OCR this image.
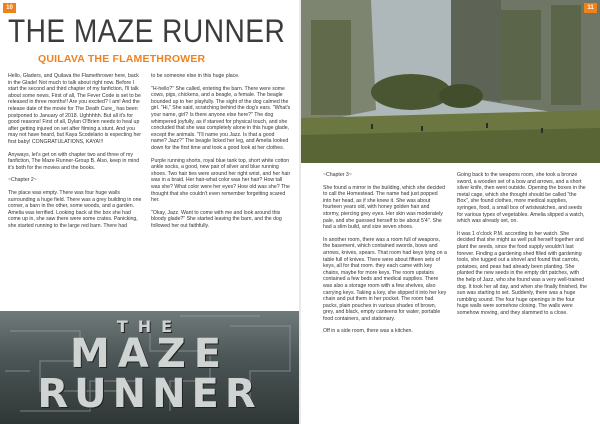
10
THE MAZE RUNNER
QUILAVA THE FLAMETHROWER

Hello, Gladers, and Quilava the Flamethrower here, back in the Glade! Not much to talk about right now. Before I start the second and third chapter of my fanfiction, I'll talk about some news. First of all, The Fever Code is set to be released in three months!! Are you excited? I am! And the release date of the movie for The Death Cure_ has been postponed to January of 2018. Ughhhhh. But all it's for good reasons! First of all, Dylan O'Brien needs to heal up after getting injured on set after filming a stunt. And you may not have heard, but Kaya Scodelario is expecting her first baby! CONGRATULATIONS, KAYA!!!

Anyways, let's get on with chapter two and three of my fanfiction, The Maze Runner-Group B. Also, keep in mind it's both for the movies and the books.

~Chapter 2~

The place was empty. There was four huge walls surrounding a huge field. There was a grey building in one corner, a barn in the other, some woods, and a garden. Amelia was terrified. Looking back at the box she had come up in, she saw there were some crates. Panicking, she started running to the large red barn. There had

to be someone else in this huge place.

"H-hello?" She called, entering the barn. There were some cows, pigs, chickens, and a beagle, a female. The beagle bounded up to her playfully. The sight of the dog calmed the girl. "Hi," She said, scratching behind the dog's ears. "What's your name, girl? Is there anyone else here?" The dog whimpered joyfully, as if starved for physical touch, and she concluded that she was completely alone in this huge glade, except the animals. "I'll name you Jazz. Is that a good name? Jazz?" The beagle licked her leg, and Amelia looked down for the first time and took a good look at her clothes.

Purple running shorts, royal blue tank top, short white cotton ankle socks, a good, new pair of silver and blue running shoes. Two hair ties were around her right wrist, and her hair was in a braid. Her hair-what color was her hair? How tall was she? What color were her eyes? How old was she? The thought that she couldn't even remember forgetting scared her.

"Okay, Jazz. Want to come with me and look around this bloody glade?" She started leaving the barn, and the dog followed her out faithfully.

THE
MAZE
RUNNER
11

~Chapter 3~

She found a mirror in the building, which she decided to call the Homestead. The name had just popped into her head, as if she knew it. She was about fourteen years old, with honey golden hair and stormy, piercing grey eyes. Her skin was moderately pale, and she guessed herself to be about 5'4". She had a slim build, and size seven shoes.

In another room, there was a room full of weapons, the basement, which contained swords, bows and arrows, knives, spears. That room had keys lying on a table full of knives. There were about fifteen sets of keys, all for that room. they each came with key chains, maybe for more keys. The room upstairs contained a few beds and medical supplies. There was also a storage room with a few shelves, also carrying keys. Taking a key, she slipped it into her key chain and put them in her pocket. The room had packs, plain pouches in various shades of brown, grey, and black, empty canteens for water, portable food containers, and stationary.

Off in a side room, there was a kitchen.

Going back to the weapons room, she took a bronze sword, a wooden set of a bow and arrows, and a short silver knife, then went outside. Opening the boxes in the metal cage, which she thought should be called "the Box", she found clothes, more medical supplies, syringes, food, a small box of wristwatches, and seeds for various types of vegetables. Amelia slipped a watch, which was already set, on.

It was 1 o'clock P.M. according to her watch. She decided that she might as well pull herself together and plant the seeds, since the food supply wouldn't last forever. Finding a gardening shed filled with gardening tools, she tugged out a shovel and found that carrots, potatoes, and peas had already been planting. She planted the new seeds in the empty dirt patches, with the help of Jazz, who she found was a very well-trained dog. It took her all day, and when she finally finished, the sun was starting to set. Suddenly, there was a huge rumbling sound. The four huge openings in the four huge walls were somehow closing. The walls were somehow moving, and they slammed to a close.
